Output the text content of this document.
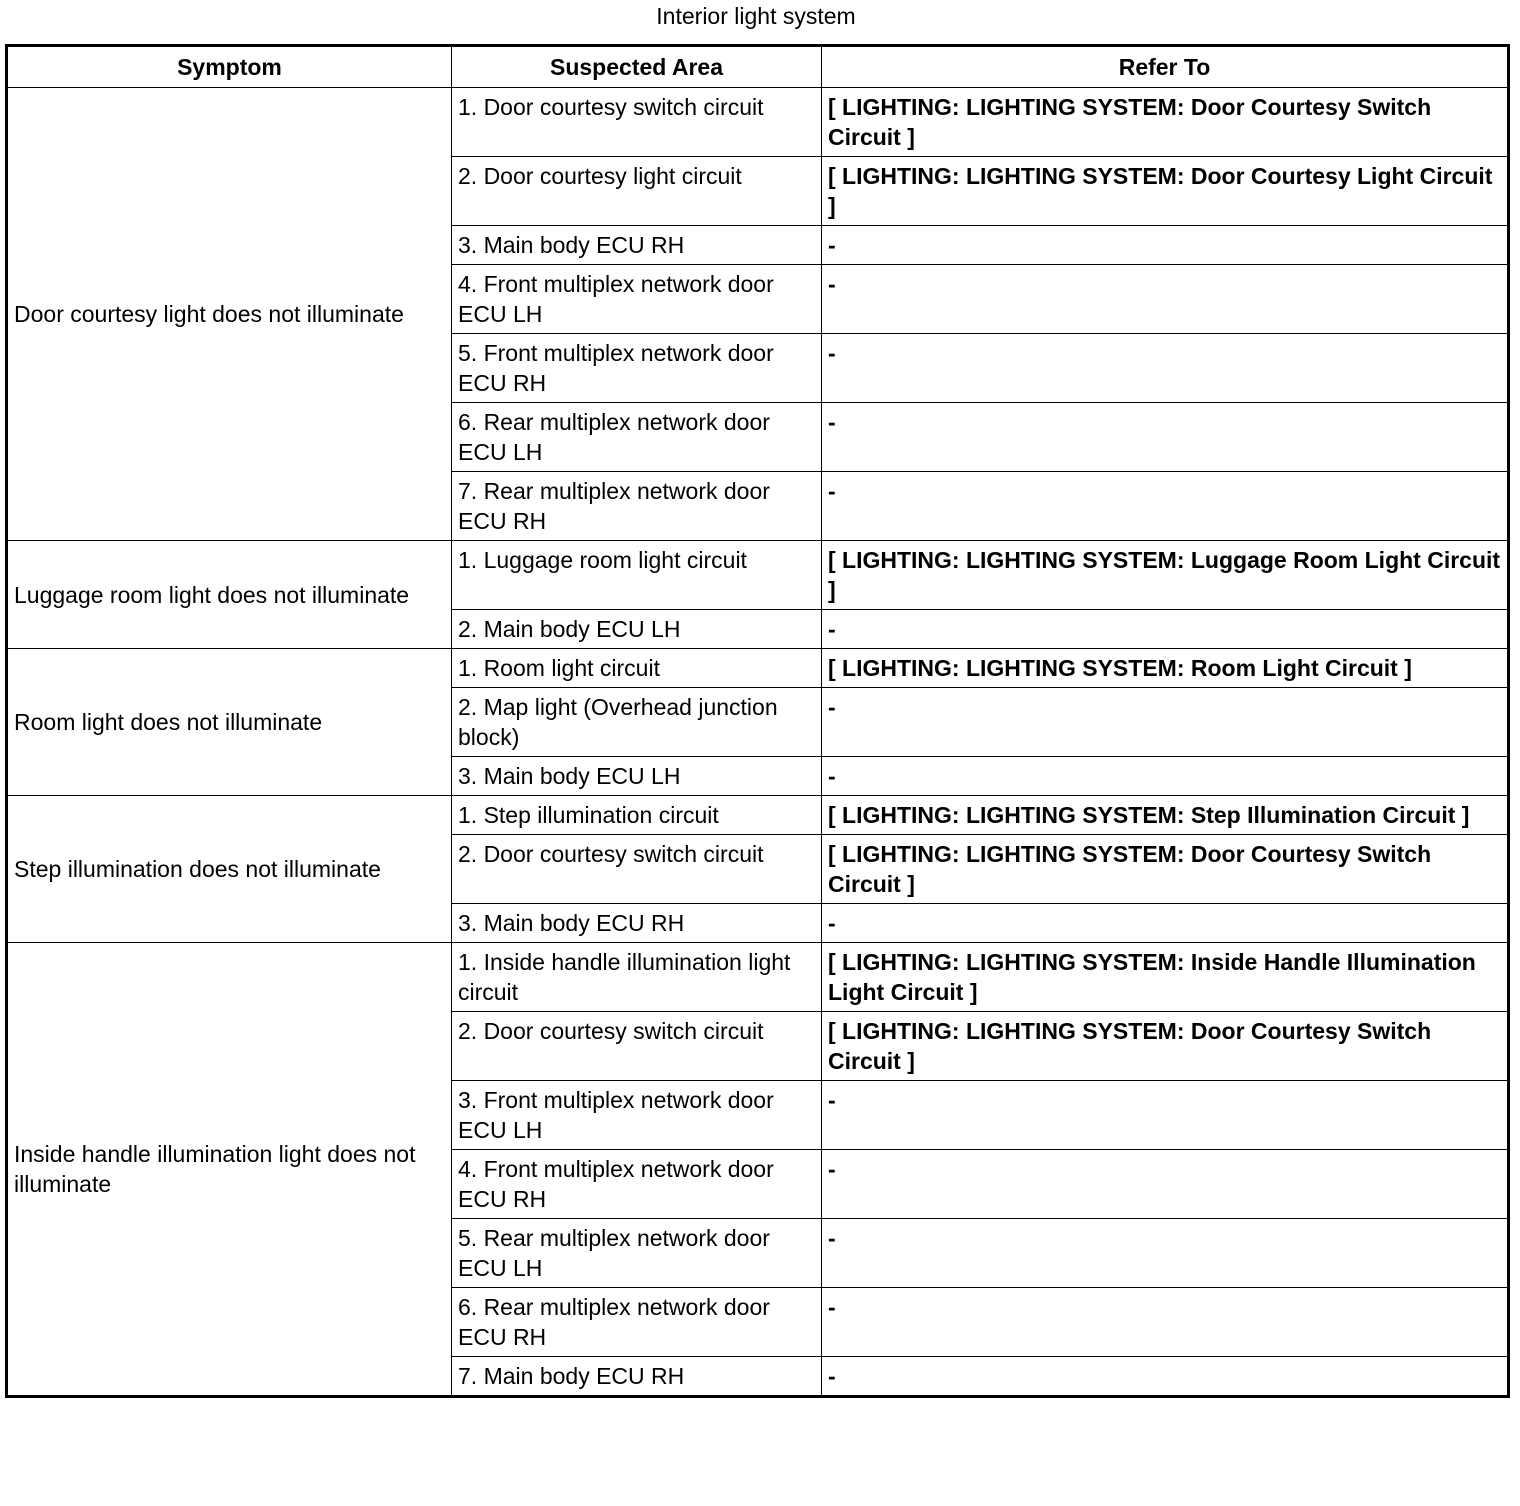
Interior light system
Symptom	Suspected Area	Refer To
Door courtesy light does not illuminate	1. Door courtesy switch circuit	[ LIGHTING: LIGHTING SYSTEM: Door Courtesy Switch Circuit ]
	2. Door courtesy light circuit	[ LIGHTING: LIGHTING SYSTEM: Door Courtesy Light Circuit ]
	3. Main body ECU RH	-
	4. Front multiplex network door ECU LH	-
	5. Front multiplex network door ECU RH	-
	6. Rear multiplex network door ECU LH	-
	7. Rear multiplex network door ECU RH	-
Luggage room light does not illuminate	1. Luggage room light circuit	[ LIGHTING: LIGHTING SYSTEM: Luggage Room Light Circuit ]
	2. Main body ECU LH	-
Room light does not illuminate	1. Room light circuit	[ LIGHTING: LIGHTING SYSTEM: Room Light Circuit ]
	2. Map light (Overhead junction block)	-
	3. Main body ECU LH	-
Step illumination does not illuminate	1. Step illumination circuit	[ LIGHTING: LIGHTING SYSTEM: Step Illumination Circuit ]
	2. Door courtesy switch circuit	[ LIGHTING: LIGHTING SYSTEM: Door Courtesy Switch Circuit ]
	3. Main body ECU RH	-
Inside handle illumination light does not illuminate	1. Inside handle illumination light circuit	[ LIGHTING: LIGHTING SYSTEM: Inside Handle Illumination Light Circuit ]
	2. Door courtesy switch circuit	[ LIGHTING: LIGHTING SYSTEM: Door Courtesy Switch Circuit ]
	3. Front multiplex network door ECU LH	-
	4. Front multiplex network door ECU RH	-
	5. Rear multiplex network door ECU LH	-
	6. Rear multiplex network door ECU RH	-
	7. Main body ECU RH	-
